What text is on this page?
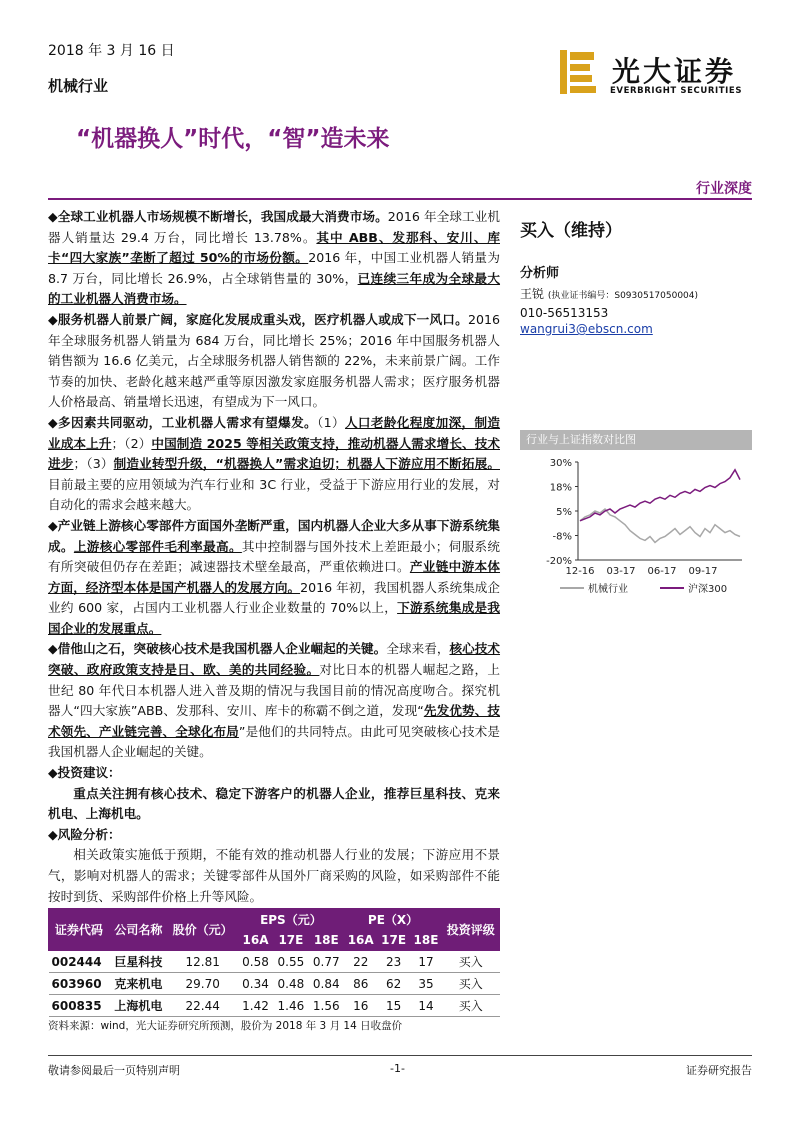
2018 年 3 月 16 日
机械行业	光大证券
EVERBRIGHT SECURITIES
“机器换人”时代，“智”造未来
行业深度

◆全球工业机器人市场规模不断增长，我国成最大消费市场。2016 年全球工业机器人销量达 29.4 万台，同比增长 13.78%。其中 ABB、发那科、安川、库卡“四大家族”垄断了超过 50%的市场份额。2016 年，中国工业机器人销量为 8.7 万台，同比增长 26.9%，占全球销售量的 30%，已连续三年成为全球最大的工业机器人消费市场。

◆服务机器人前景广阔，家庭化发展成重头戏，医疗机器人或成下一风口。2016 年全球服务机器人销量为 684 万台，同比增长 25%；2016 年中国服务机器人销售额为 16.6 亿美元，占全球服务机器人销售额的 22%，未来前景广阔。工作节奏的加快、老龄化越来越严重等原因激发家庭服务机器人需求；医疗服务机器人价格最高、销量增长迅速，有望成为下一风口。

◆多因素共同驱动，工业机器人需求有望爆发。（1）人口老龄化程度加深，制造业成本上升；（2）中国制造 2025 等相关政策支持，推动机器人需求增长、技术进步；（3）制造业转型升级，“机器换人”需求迫切；机器人下游应用不断拓展。目前最主要的应用领域为汽车行业和 3C 行业，受益于下游应用行业的发展，对自动化的需求会越来越大。

◆产业链上游核心零部件方面国外垄断严重，国内机器人企业大多从事下游系统集成。上游核心零部件毛利率最高。其中控制器与国外技术上差距最小；伺服系统有所突破但仍存在差距；减速器技术壁垒最高，严重依赖进口。产业链中游本体方面，经济型本体是国产机器人的发展方向。2016 年初，我国机器人系统集成企业约 600 家，占国内工业机器人行业企业数量的 70%以上，下游系统集成是我国企业的发展重点。

◆借他山之石，突破核心技术是我国机器人企业崛起的关键。全球来看，核心技术突破、政府政策支持是日、欧、美的共同经验。对比日本的机器人崛起之路，上世纪 80 年代日本机器人进入普及期的情况与我国目前的情况高度吻合。探究机器人“四大家族”ABB、发那科、安川、库卡的称霸不倒之道，发现“先发优势、技术领先、产业链完善、全球化布局”是他们的共同特点。由此可见突破核心技术是我国机器人企业崛起的关键。

◆投资建议：

重点关注拥有核心技术、稳定下游客户的机器人企业，推荐巨星科技、克来机电、上海机电。

◆风险分析：

相关政策实施低于预期，不能有效的推动机器人行业的发展；下游应用不景气，影响对机器人的需求；关键零部件从国外厂商采购的风险，如采购部件不能按时到货、采购部件价格上升等风险。

买入（维持）
分析师
王锐 (执业证书编号：S0930517050004)
010-56513153
wangrui3@ebscn.com
行业与上证指数对比图
30%
18%
5%
-8%
-20%
12-16 03-17 06-17 09-17
机械行业	沪深300
证券代码	公司名称	股价（元）	EPS（元）			PE（X）			投资评级
			16A	17E	18E	16A	17E	18E	
002444	巨星科技	12.81	0.58	0.55	0.77	22	23	17	买入
603960	克来机电	29.70	0.34	0.48	0.84	86	62	35	买入
600835	上海机电	22.44	1.42	1.46	1.56	16	15	14	买入
资料来源：wind，光大证券研究所预测，股价为 2018 年 3 月 14 日收盘价
敬请参阅最后一页特别声明	-1-	证券研究报告
